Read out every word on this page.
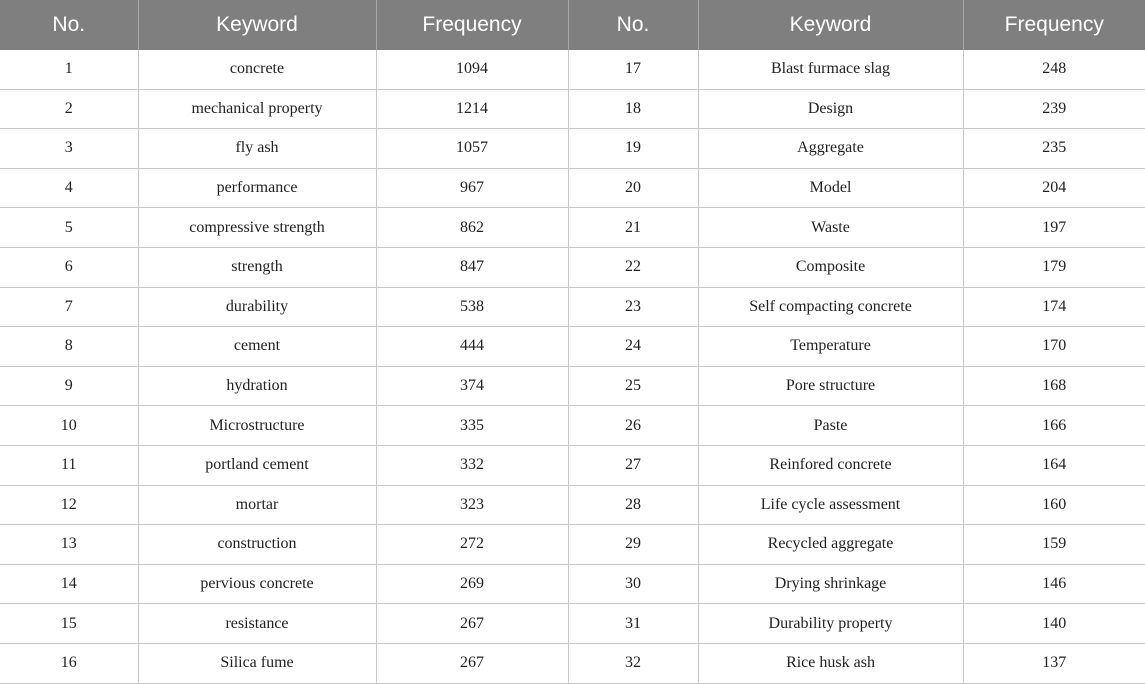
No.	Keyword	Frequency	No.	Keyword	Frequency
1	concrete	1094	17	Blast furmace slag	248
2	mechanical property	1214	18	Design	239
3	fly ash	1057	19	Aggregate	235
4	performance	967	20	Model	204
5	compressive strength	862	21	Waste	197
6	strength	847	22	Composite	179
7	durability	538	23	Self compacting concrete	174
8	cement	444	24	Temperature	170
9	hydration	374	25	Pore structure	168
10	Microstructure	335	26	Paste	166
11	portland cement	332	27	Reinfored concrete	164
12	mortar	323	28	Life cycle assessment	160
13	construction	272	29	Recycled aggregate	159
14	pervious concrete	269	30	Drying shrinkage	146
15	resistance	267	31	Durability property	140
16	Silica fume	267	32	Rice husk ash	137
